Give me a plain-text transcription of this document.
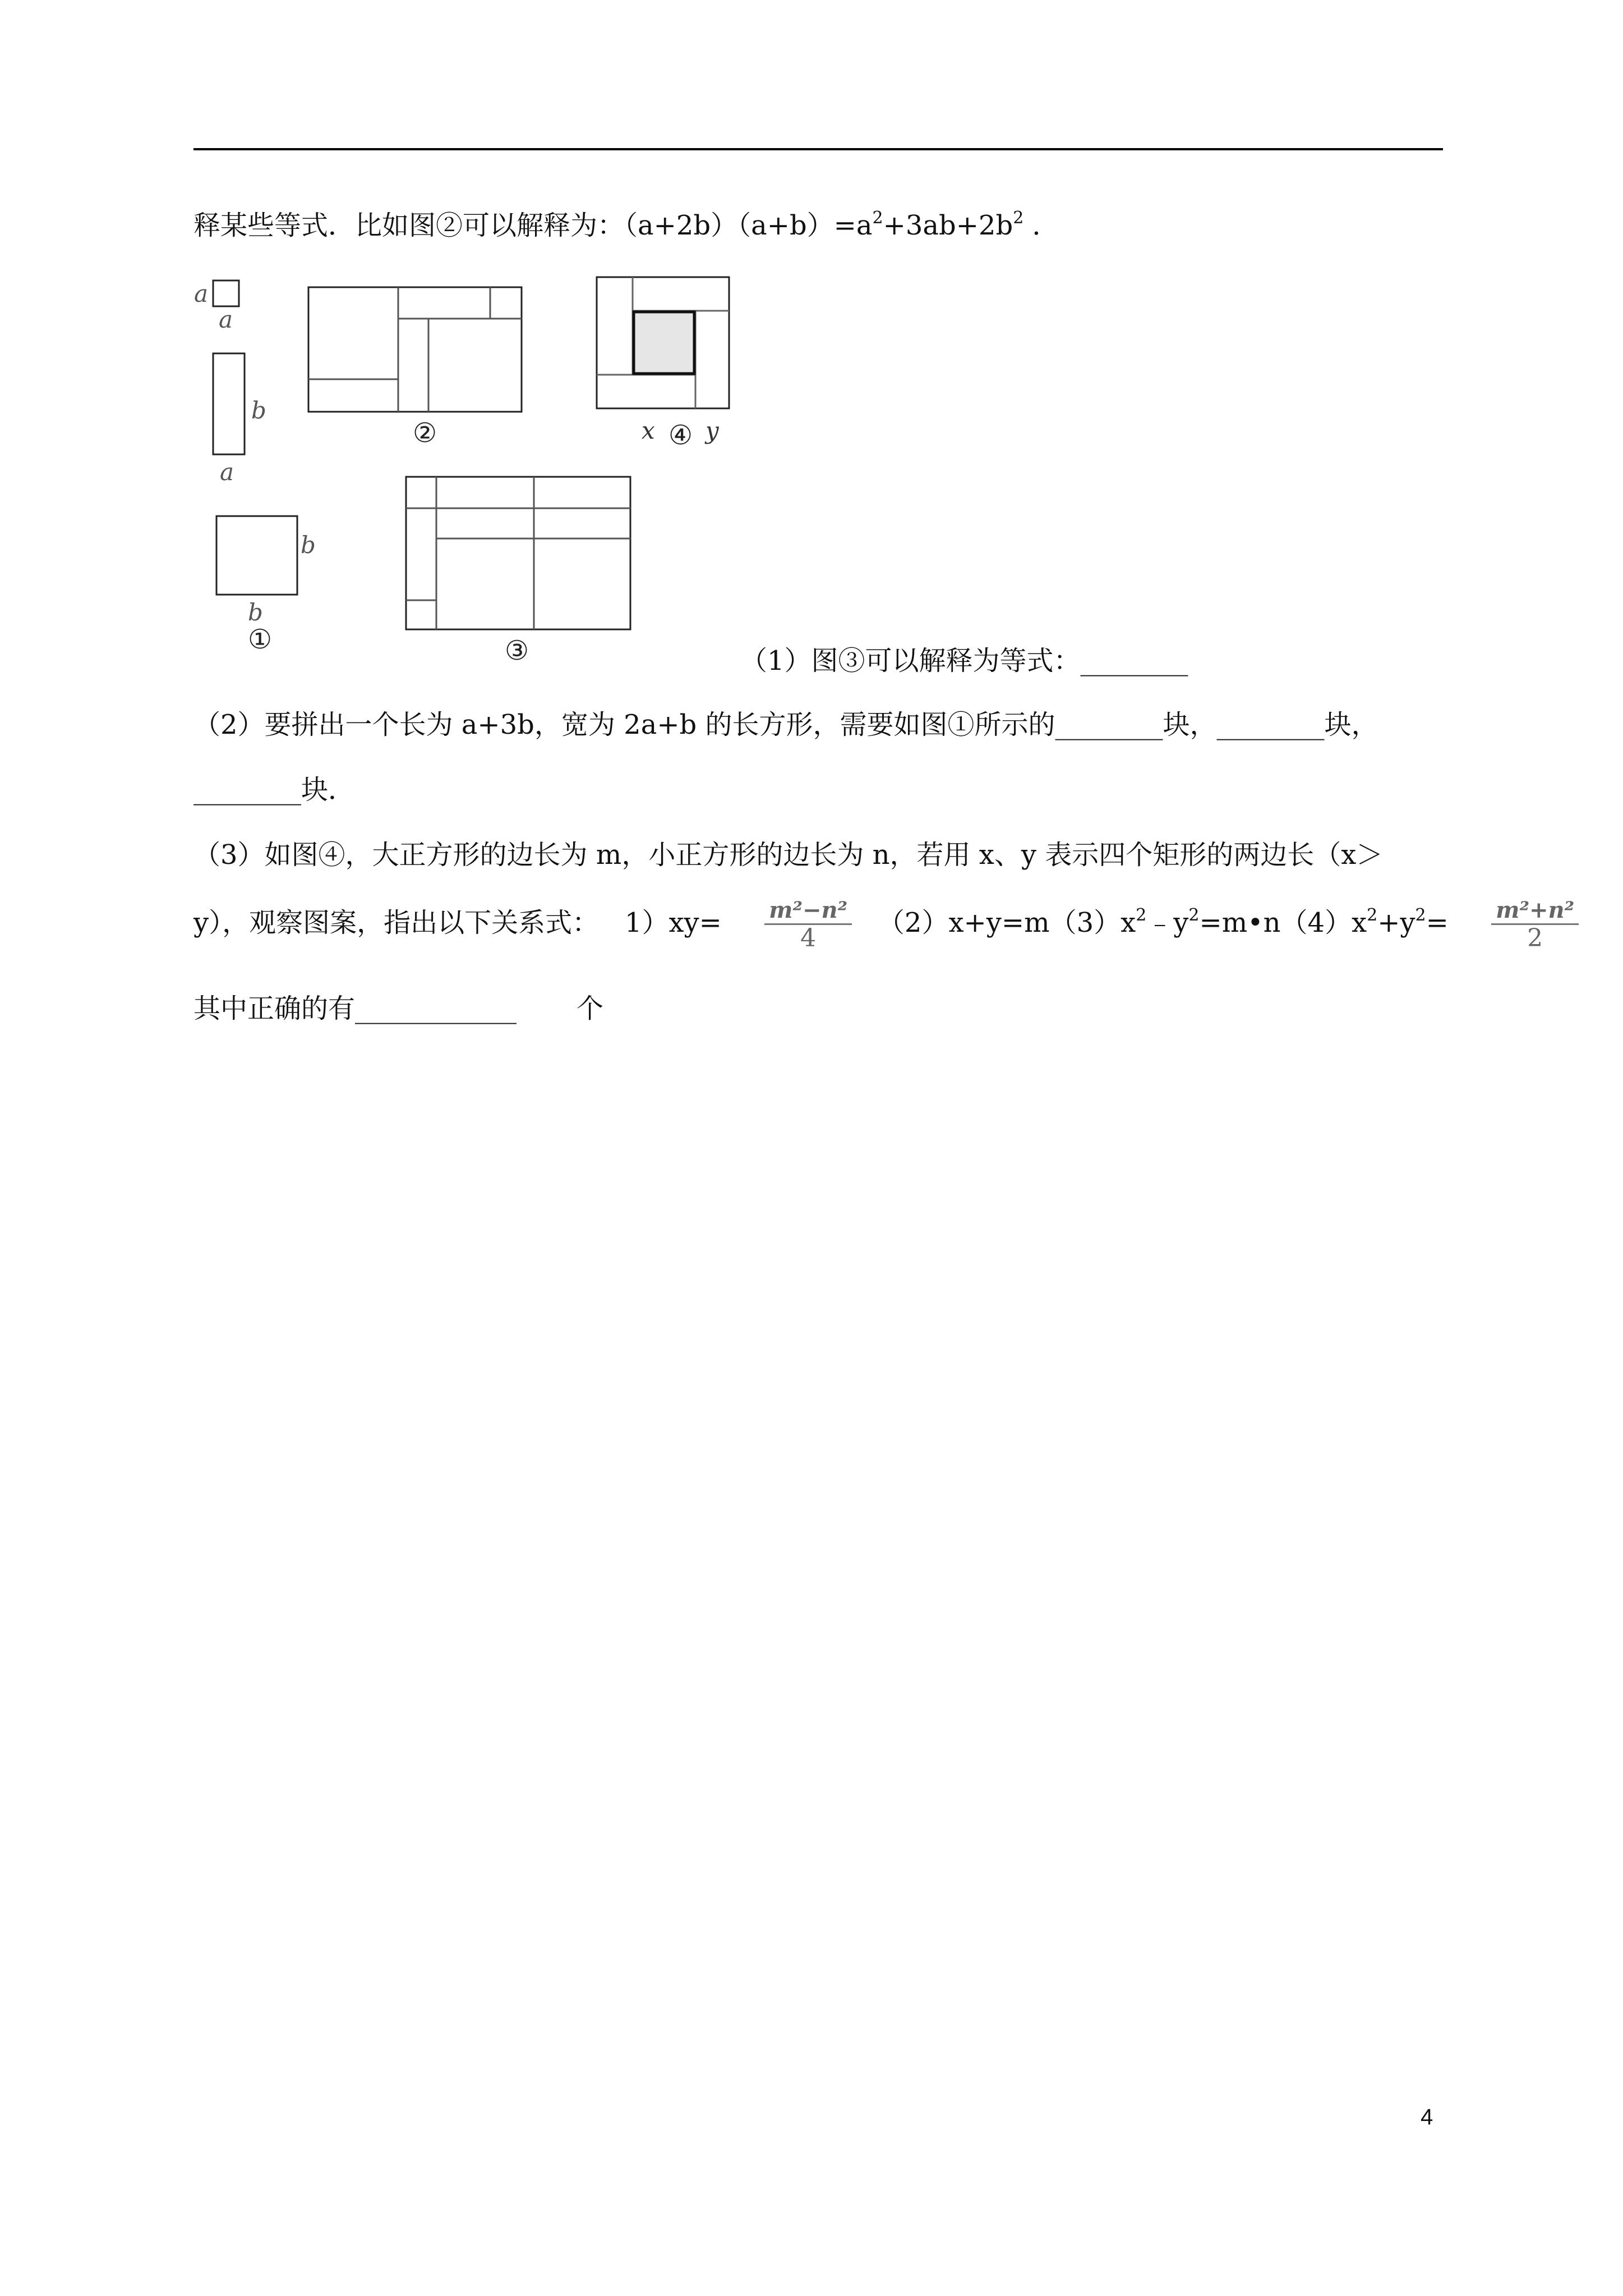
释某些等式．比如图②可以解释为：$(a+2b)(a+b)=a^2+3ab+2b^2$ ．
a
a
b
a
b
b
①
②	x ④ y
③	（1）图③可以解释为等式：________
（2）要拼出一个长为 a+3b，宽为 2a+b 的长方形，需要如图①所示的________块，________块，
________块．
（3）如图④，大正方形的边长为 m，小正方形的边长为 n，若用 x、y 表示四个矩形的两边长（x＞
y），观察图案，指出以下关系式： $1)xy= \frac{\text{m²−n²}}{4}$ $(2)x+y=m(3)x^2﹣y^2=m•n(4)x^2+y^2= \frac{\text{m²+n²}}{2}$
其中正确的有____________ 个
4
